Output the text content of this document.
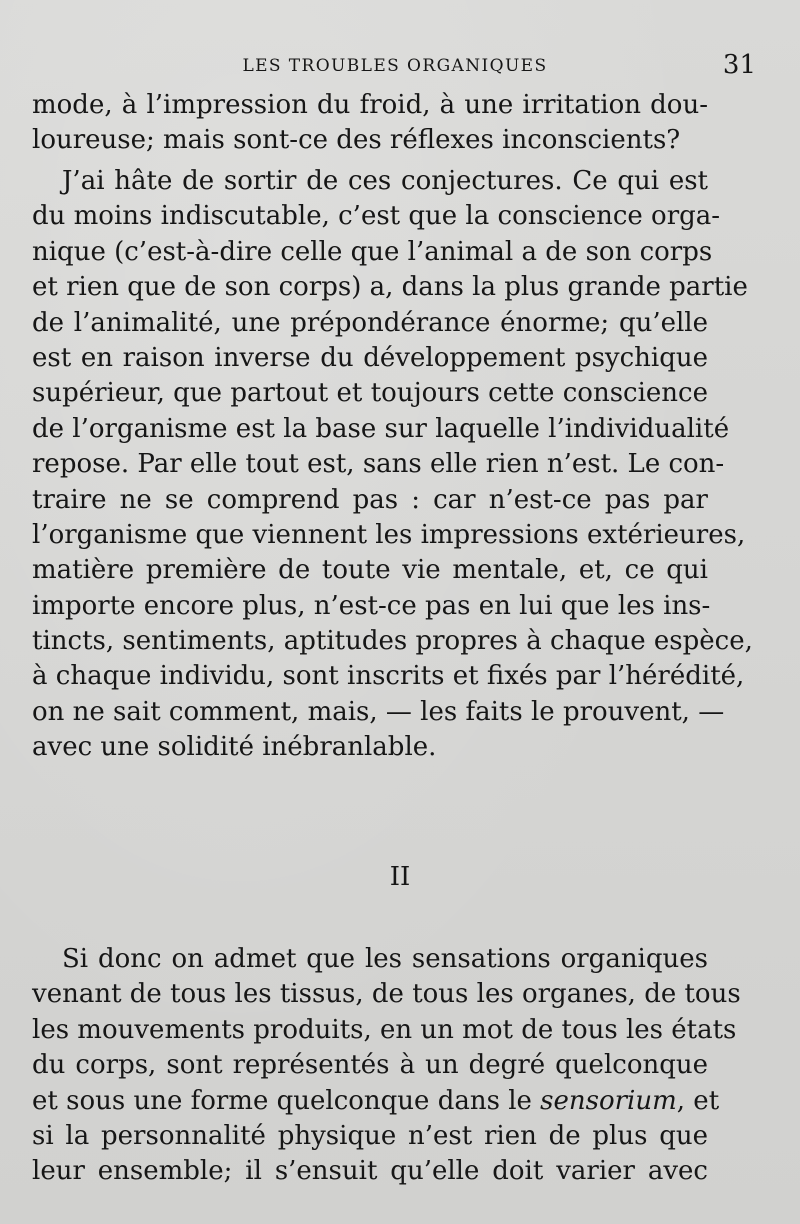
LES TROUBLES ORGANIQUES	31
mode, à l’impression du froid, à une irritation dou-
loureuse; mais sont-ce des réflexes inconscients?
J’ai hâte de sortir de ces conjectures. Ce qui est
du moins indiscutable, c’est que la conscience orga-
nique (c’est-à-dire celle que l’animal a de son corps
et rien que de son corps) a, dans la plus grande partie
de l’animalité, une prépondérance énorme; qu’elle
est en raison inverse du développement psychique
supérieur, que partout et toujours cette conscience
de l’organisme est la base sur laquelle l’individualité
repose. Par elle tout est, sans elle rien n’est. Le con-
traire ne se comprend pas : car n’est-ce pas par
l’organisme que viennent les impressions extérieures,
matière première de toute vie mentale, et, ce qui
importe encore plus, n’est-ce pas en lui que les ins-
tincts, sentiments, aptitudes propres à chaque espèce,
à chaque individu, sont inscrits et fixés par l’hérédité,
on ne sait comment, mais, — les faits le prouvent, —
avec une solidité inébranlable.
II
Si donc on admet que les sensations organiques
venant de tous les tissus, de tous les organes, de tous
les mouvements produits, en un mot de tous les états
du corps, sont représentés à un degré quelconque
et sous une forme quelconque dans le sensorium, et
si la personnalité physique n’est rien de plus que
leur ensemble; il s’ensuit qu’elle doit varier avec
